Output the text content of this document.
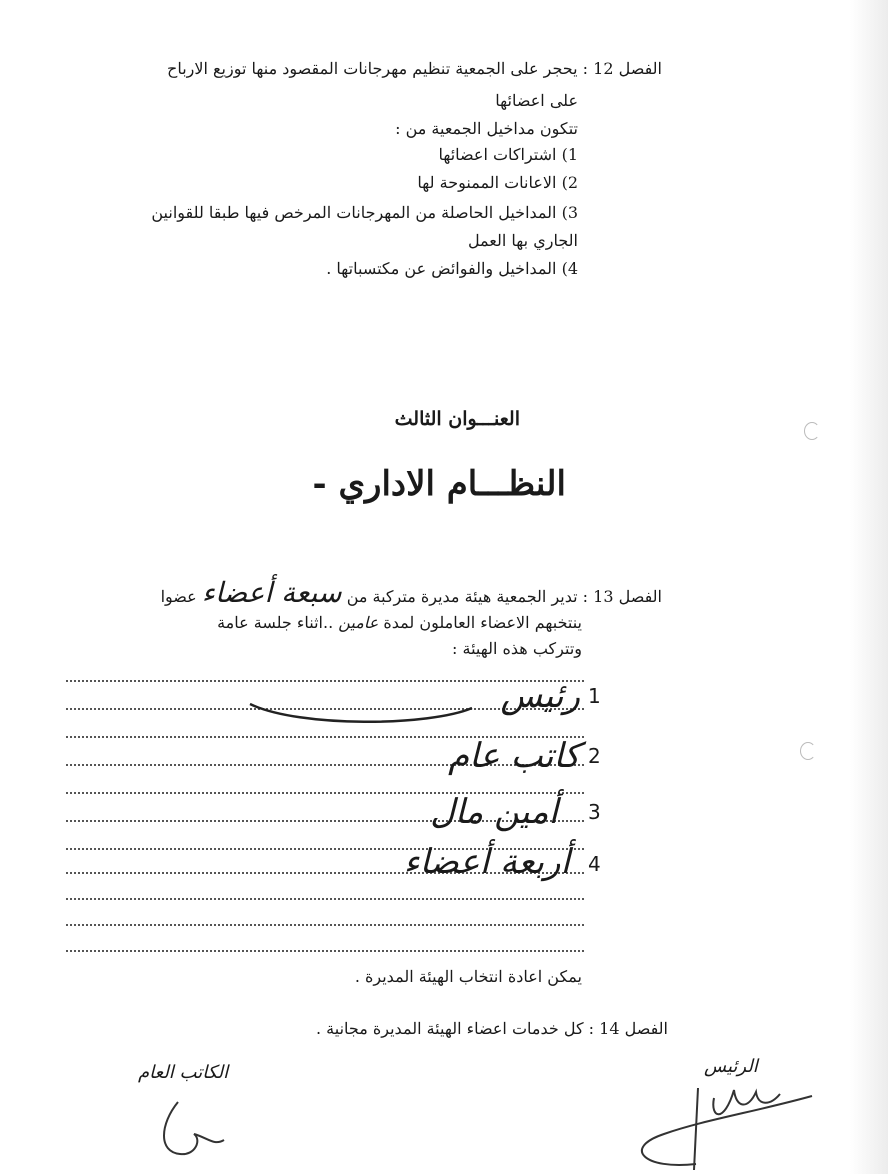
الفصل 12 : يحجر على الجمعية تنظيم مهرجانات المقصود منها توزيع الارباح
على اعضائها
تتكون مداخيل الجمعية من :
1) اشتراكات اعضائها
2) الاعانات الممنوحة لها
3) المداخيل الحاصلة من المهرجانات المرخص فيها طبقا للقوانين
الجاري بها العمل
4) المداخيل والفوائض عن مكتسباتها .
العنـــوان الثالث
النظـــام الاداري -
الفصل 13 : تدير الجمعية هيئة مديرة متركبة من سبعة أعضاء عضوا
ينتخبهم الاعضاء العاملون لمدة عامين ..اثناء جلسة عامة
وتتركب هذه الهيئة :
1
رئيس
2
كاتب عام
3
أمين مال
4
أربعة أعضاء
يمكن اعادة انتخاب الهيئة المديرة .
الفصل 14 : كل خدمات اعضاء الهيئة المديرة مجانية .
الكاتب العام	الرئيس
